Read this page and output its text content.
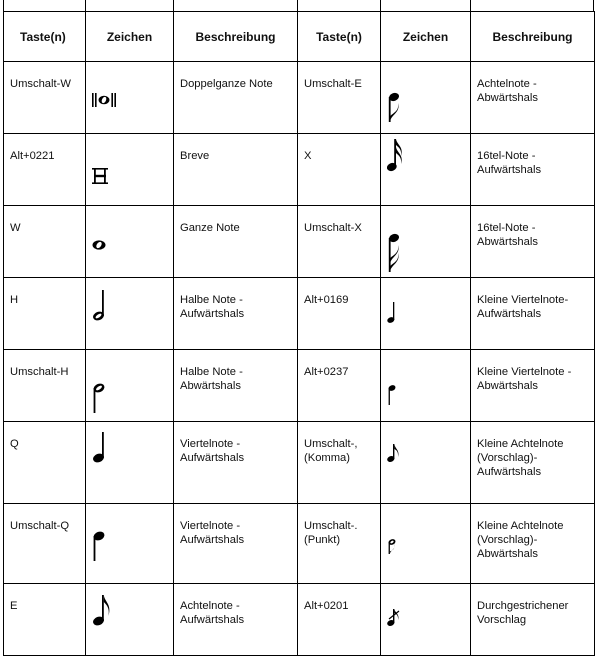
Taste(n)	Zeichen	Beschreibung	Taste(n)	Zeichen	Beschreibung
Umschalt-W		Doppelganze Note	Umschalt-E		Achtelnote - Abwärtshals
Alt+0221		Breve	X		16tel-Note - Aufwärtshals
W		Ganze Note	Umschalt-X		16tel-Note - Abwärtshals
H		Halbe Note - Aufwärtshals	Alt+0169		Kleine Viertelnote-Aufwärtshals
Umschalt-H		Halbe Note - Abwärtshals	Alt+0237		Kleine Viertelnote - Abwärtshals
Q		Viertelnote - Aufwärtshals	Umschalt-, (Komma)		Kleine Achtelnote (Vorschlag)- Aufwärtshals
Umschalt-Q		Viertelnote - Aufwärtshals	Umschalt-. (Punkt)		Kleine Achtelnote (Vorschlag)- Abwärtshals
E		Achtelnote - Aufwärtshals	Alt+0201		Durchgestrichener Vorschlag
